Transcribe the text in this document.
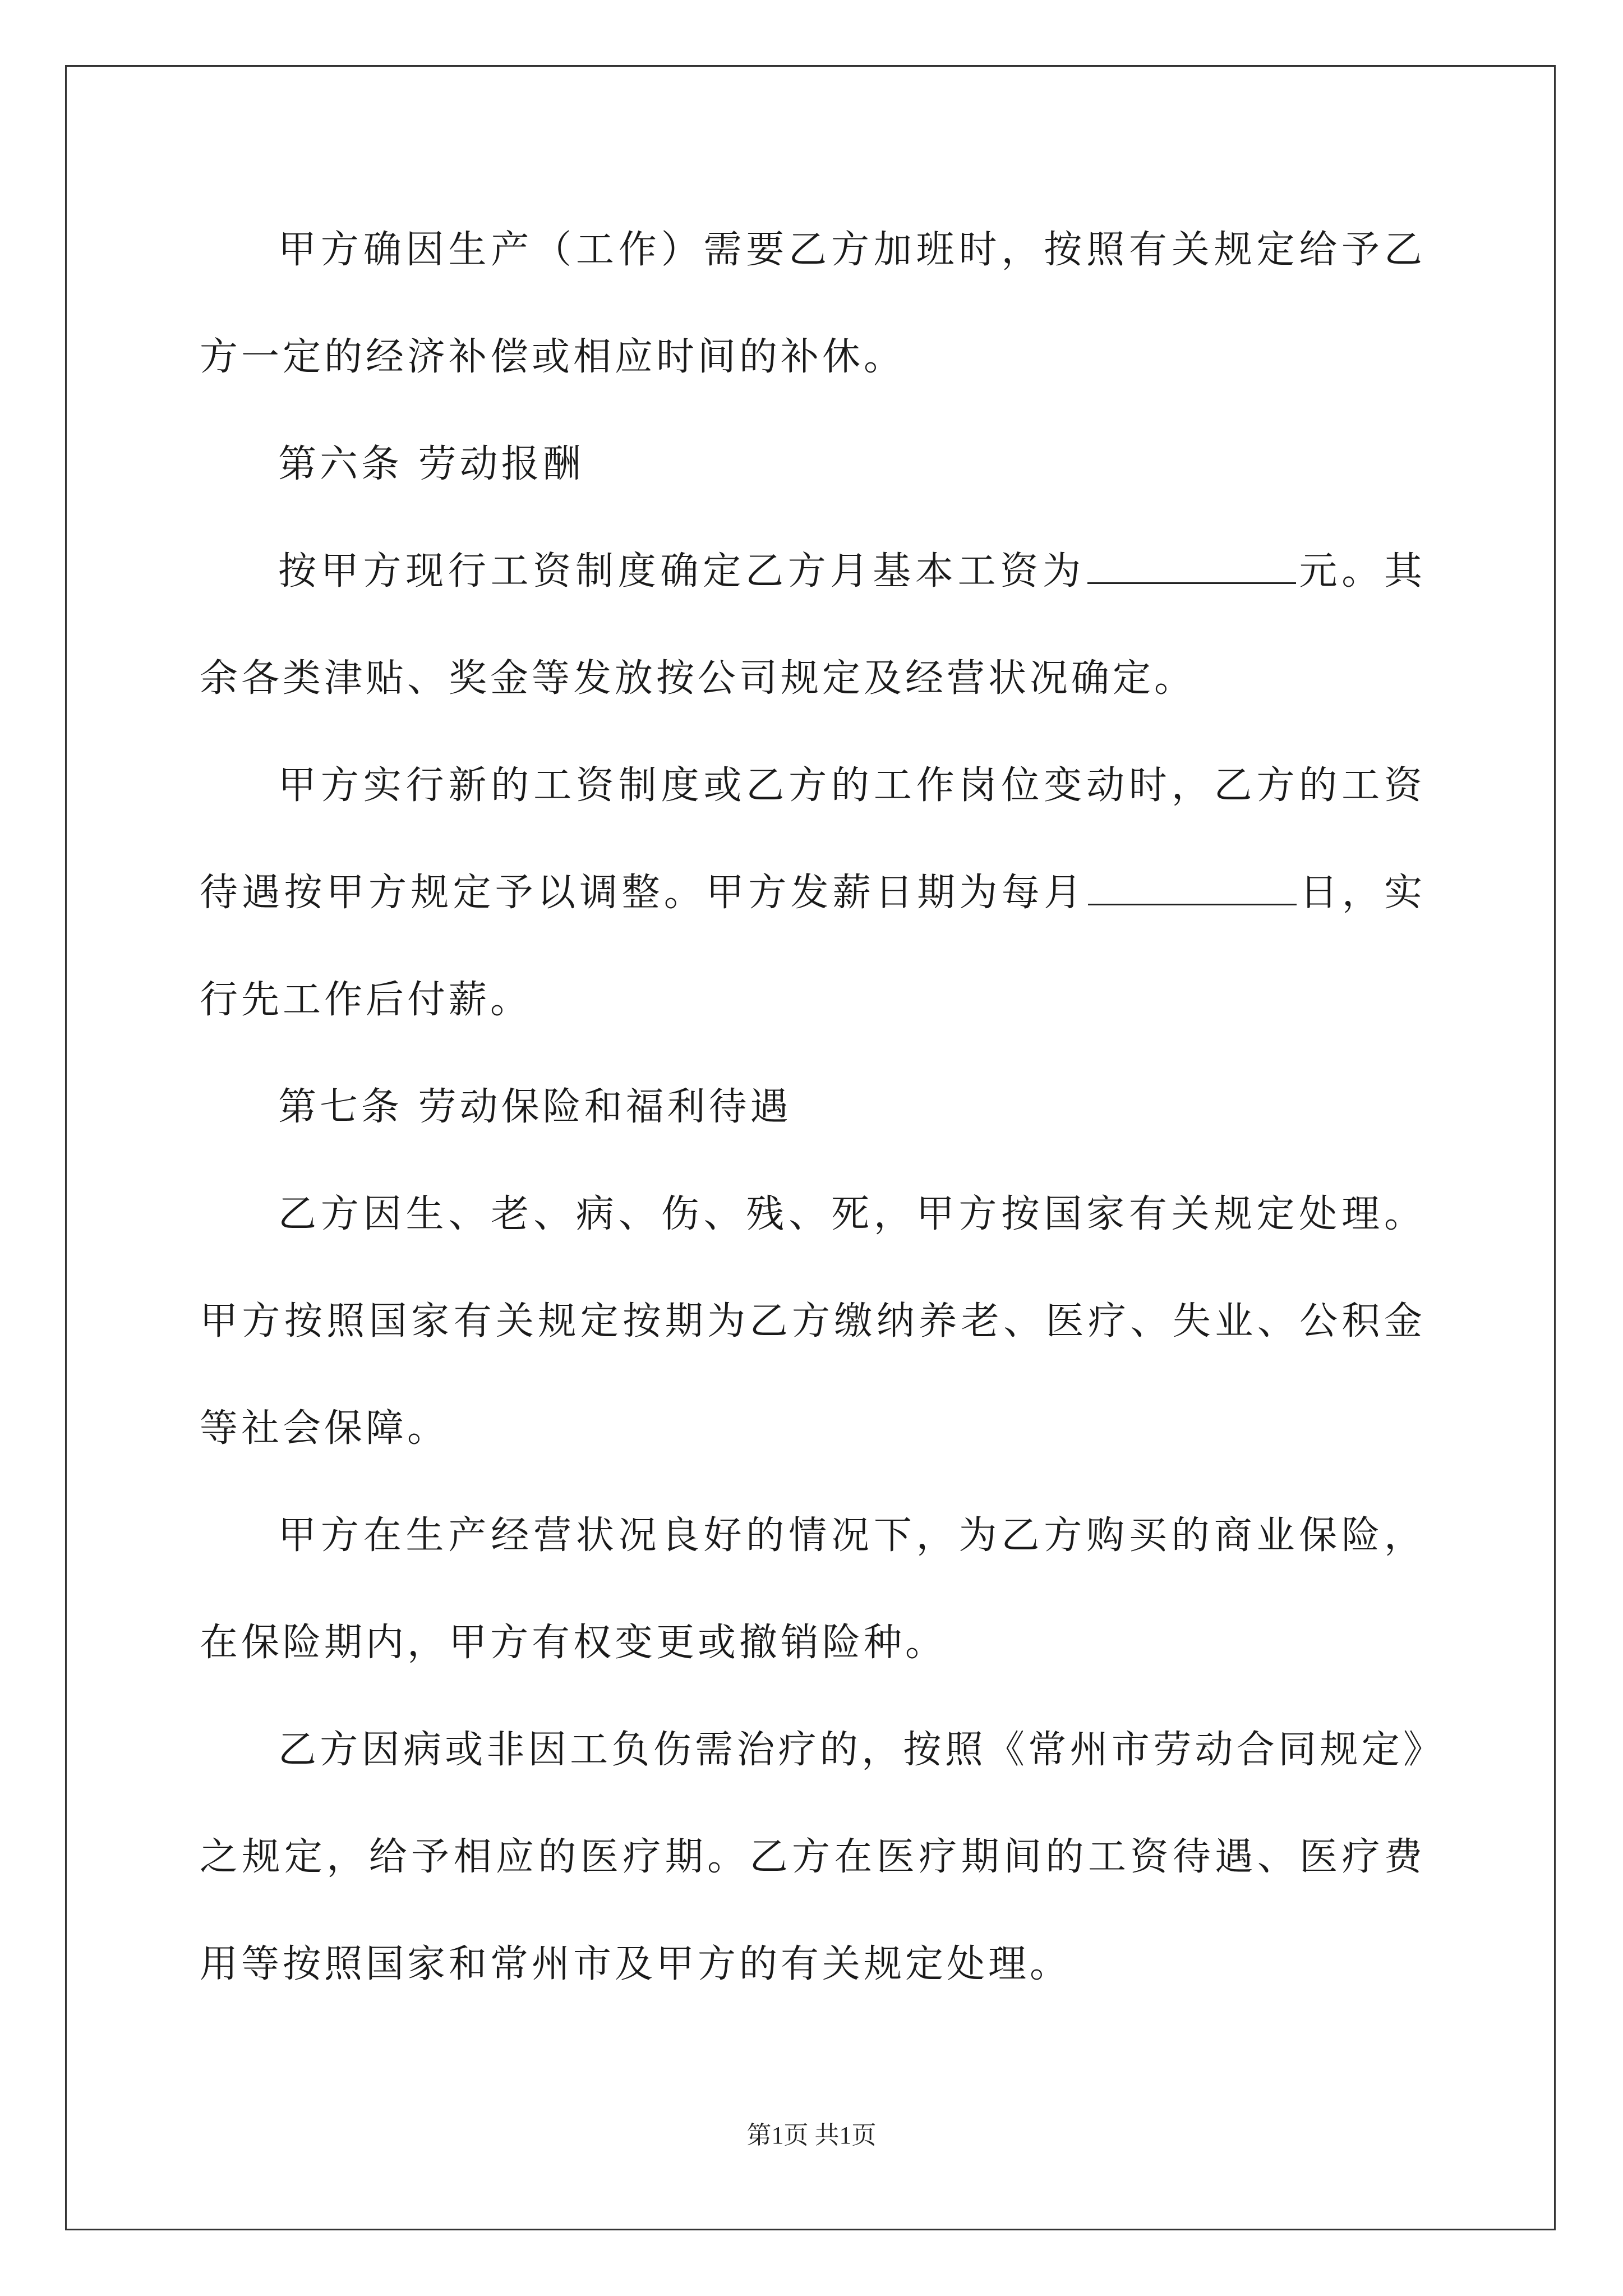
甲方确因生产（工作）需要乙方加班时，按照有关规定给予乙方一定的经济补偿或相应时间的补休。

第六条 劳动报酬

按甲方现行工资制度确定乙方月基本工资为	元。其余各类津贴、奖金等发放按公司规定及经营状况确定。

甲方实行新的工资制度或乙方的工作岗位变动时，乙方的工资待遇按甲方规定予以调整。甲方发薪日期为每月	日，实行先工作后付薪。

第七条 劳动保险和福利待遇

乙方因生、老、病、伤、残、死，甲方按国家有关规定处理。甲方按照国家有关规定按期为乙方缴纳养老、医疗、失业、公积金等社会保障。

甲方在生产经营状况良好的情况下，为乙方购买的商业保险，在保险期内，甲方有权变更或撤销险种。

乙方因病或非因工负伤需治疗的，按照《常州市劳动合同规定》之规定，给予相应的医疗期。乙方在医疗期间的工资待遇、医疗费用等按照国家和常州市及甲方的有关规定处理。

第1页 共1页
